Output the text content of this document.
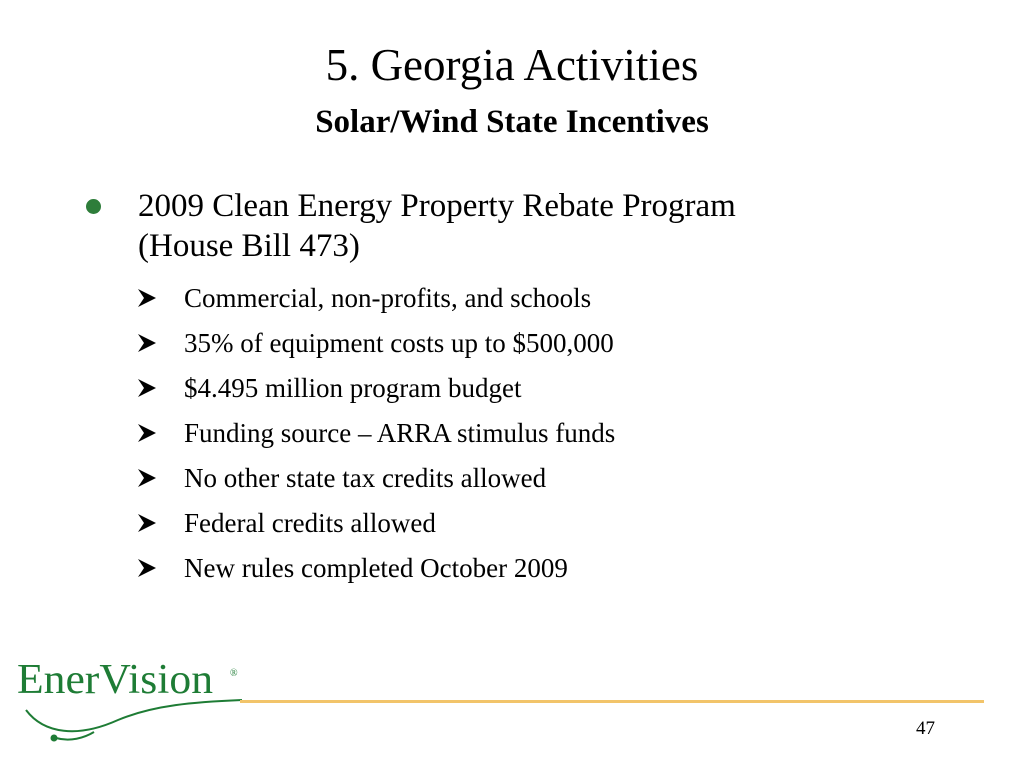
5. Georgia Activities
Solar/Wind State Incentives
2009 Clean Energy Property Rebate Program
(House Bill 473)
Commercial, non-profits, and schools
35% of equipment costs up to $500,000
$4.495 million program budget
Funding source – ARRA stimulus funds
No other state tax credits allowed
Federal credits allowed
New rules completed October 2009
EnerVision ®
47
